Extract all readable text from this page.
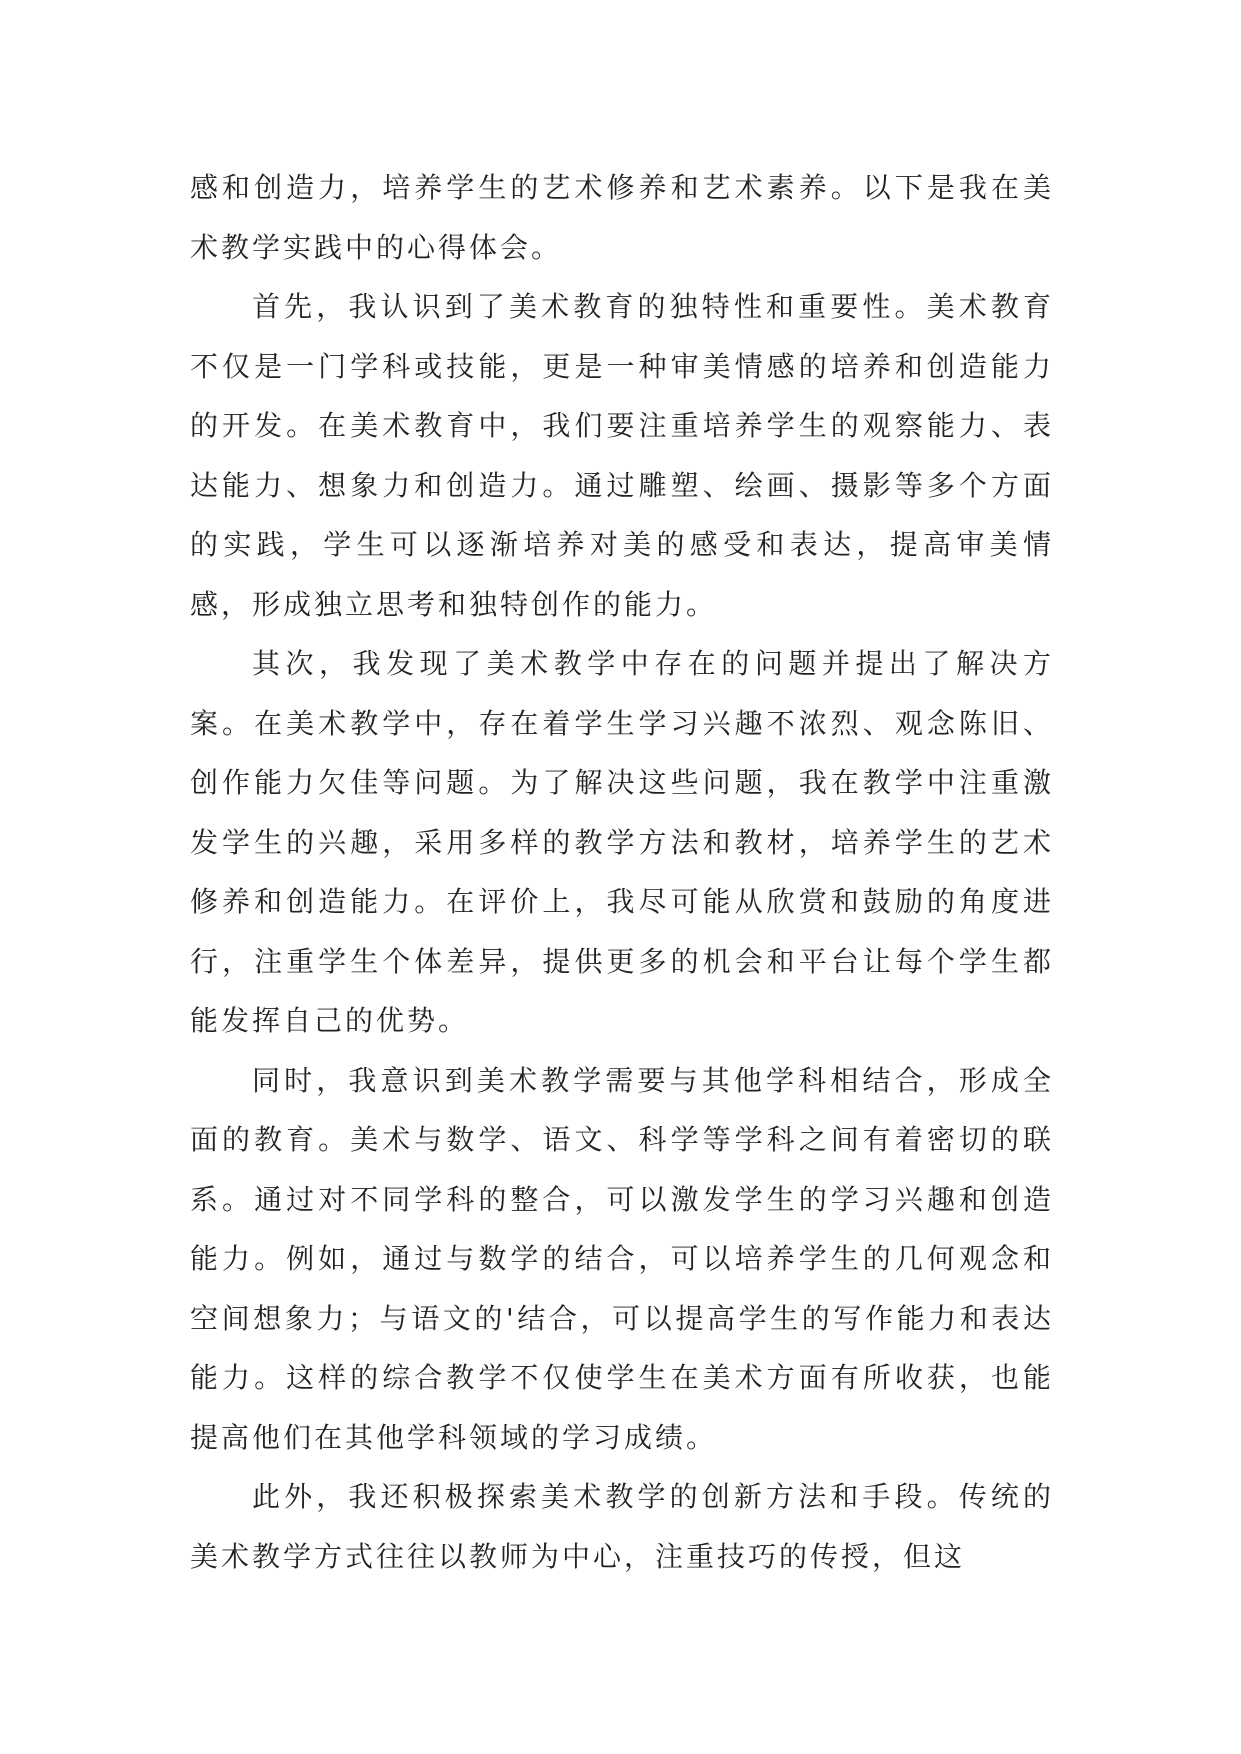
感和创造力，培养学生的艺术修养和艺术素养。以下是我在美术教学实践中的心得体会。

首先，我认识到了美术教育的独特性和重要性。美术教育不仅是一门学科或技能，更是一种审美情感的培养和创造能力的开发。在美术教育中，我们要注重培养学生的观察能力、表达能力、想象力和创造力。通过雕塑、绘画、摄影等多个方面的实践，学生可以逐渐培养对美的感受和表达，提高审美情感，形成独立思考和独特创作的能力。

其次，我发现了美术教学中存在的问题并提出了解决方案。在美术教学中，存在着学生学习兴趣不浓烈、观念陈旧、创作能力欠佳等问题。为了解决这些问题，我在教学中注重激发学生的兴趣，采用多样的教学方法和教材，培养学生的艺术修养和创造能力。在评价上，我尽可能从欣赏和鼓励的角度进行，注重学生个体差异，提供更多的机会和平台让每个学生都能发挥自己的优势。

同时，我意识到美术教学需要与其他学科相结合，形成全面的教育。美术与数学、语文、科学等学科之间有着密切的联系。通过对不同学科的整合，可以激发学生的学习兴趣和创造能力。例如，通过与数学的结合，可以培养学生的几何观念和空间想象力；与语文的'结合，可以提高学生的写作能力和表达能力。这样的综合教学不仅使学生在美术方面有所收获，也能提高他们在其他学科领域的学习成绩。

此外，我还积极探索美术教学的创新方法和手段。传统的美术教学方式往往以教师为中心，注重技巧的传授，但这
